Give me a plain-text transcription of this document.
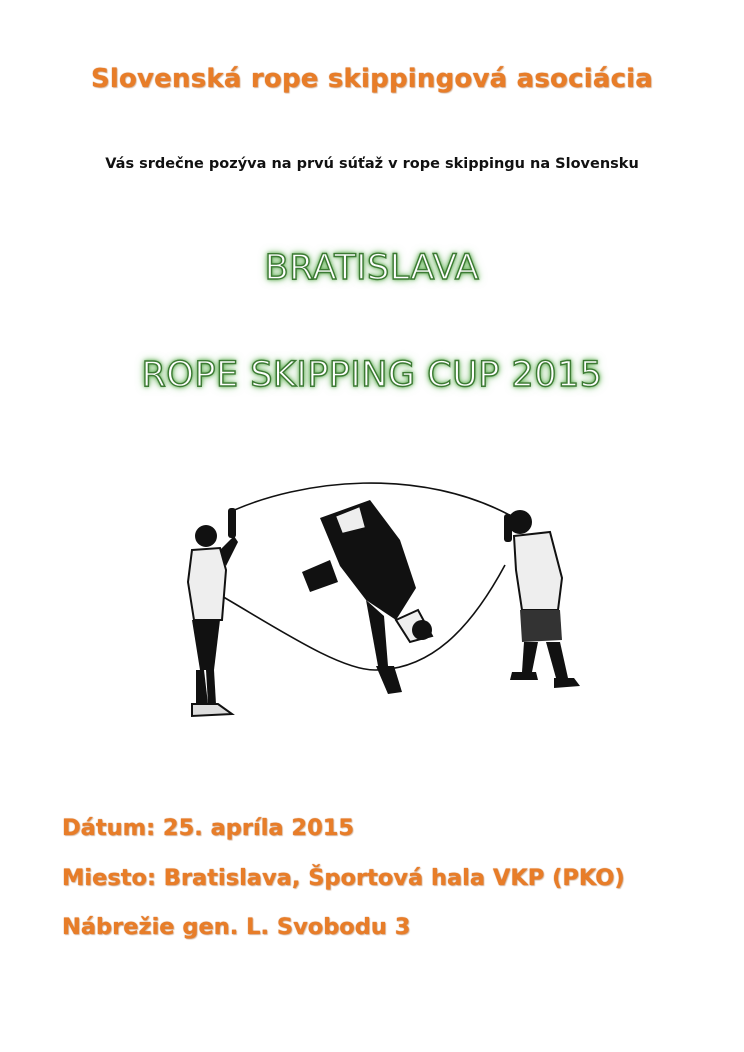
Slovenská rope skippingová asociácia
Vás srdečne pozýva na prvú súťaž v rope skippingu na Slovensku
BRATISLAVA
ROPE SKIPPING CUP 2015
Dátum: 25. apríla 2015
Miesto: Bratislava, Športová hala VKP (PKO)
Nábrežie gen. L. Svobodu 3
